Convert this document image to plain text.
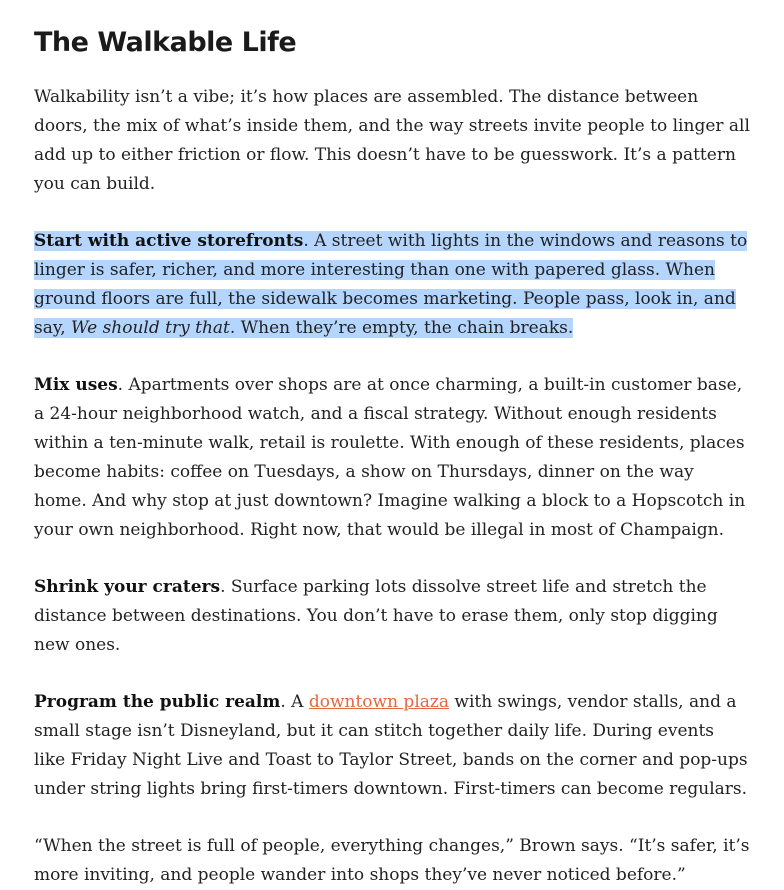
The Walkable Life

Walkability isn’t a vibe; it’s how places are assembled. The distance between doors, the mix of what’s inside them, and the way streets invite people to linger all add up to either friction or flow. This doesn’t have to be guesswork. It’s a pattern you can build.

Start with active storefronts. A street with lights in the windows and reasons to linger is safer, richer, and more interesting than one with papered glass. When ground floors are full, the sidewalk becomes marketing. People pass, look in, and say, We should try that. When they’re empty, the chain breaks.

Mix uses. Apartments over shops are at once charming, a built-in customer base, a 24-hour neighborhood watch, and a fiscal strategy. Without enough residents within a ten-minute walk, retail is roulette. With enough of these residents, places become habits: coffee on Tuesdays, a show on Thursdays, dinner on the way home. And why stop at just downtown? Imagine walking a block to a Hopscotch in your own neighborhood. Right now, that would be illegal in most of Champaign.

Shrink your craters. Surface parking lots dissolve street life and stretch the distance between destinations. You don’t have to erase them, only stop digging new ones.

Program the public realm. A downtown plaza with swings, vendor stalls, and a small stage isn’t Disneyland, but it can stitch together daily life. During events like Friday Night Live and Toast to Taylor Street, bands on the corner and pop-ups under string lights bring first-timers downtown. First-timers can become regulars.

“When the street is full of people, everything changes,” Brown says. “It’s safer, it’s more inviting, and people wander into shops they’ve never noticed before.”
